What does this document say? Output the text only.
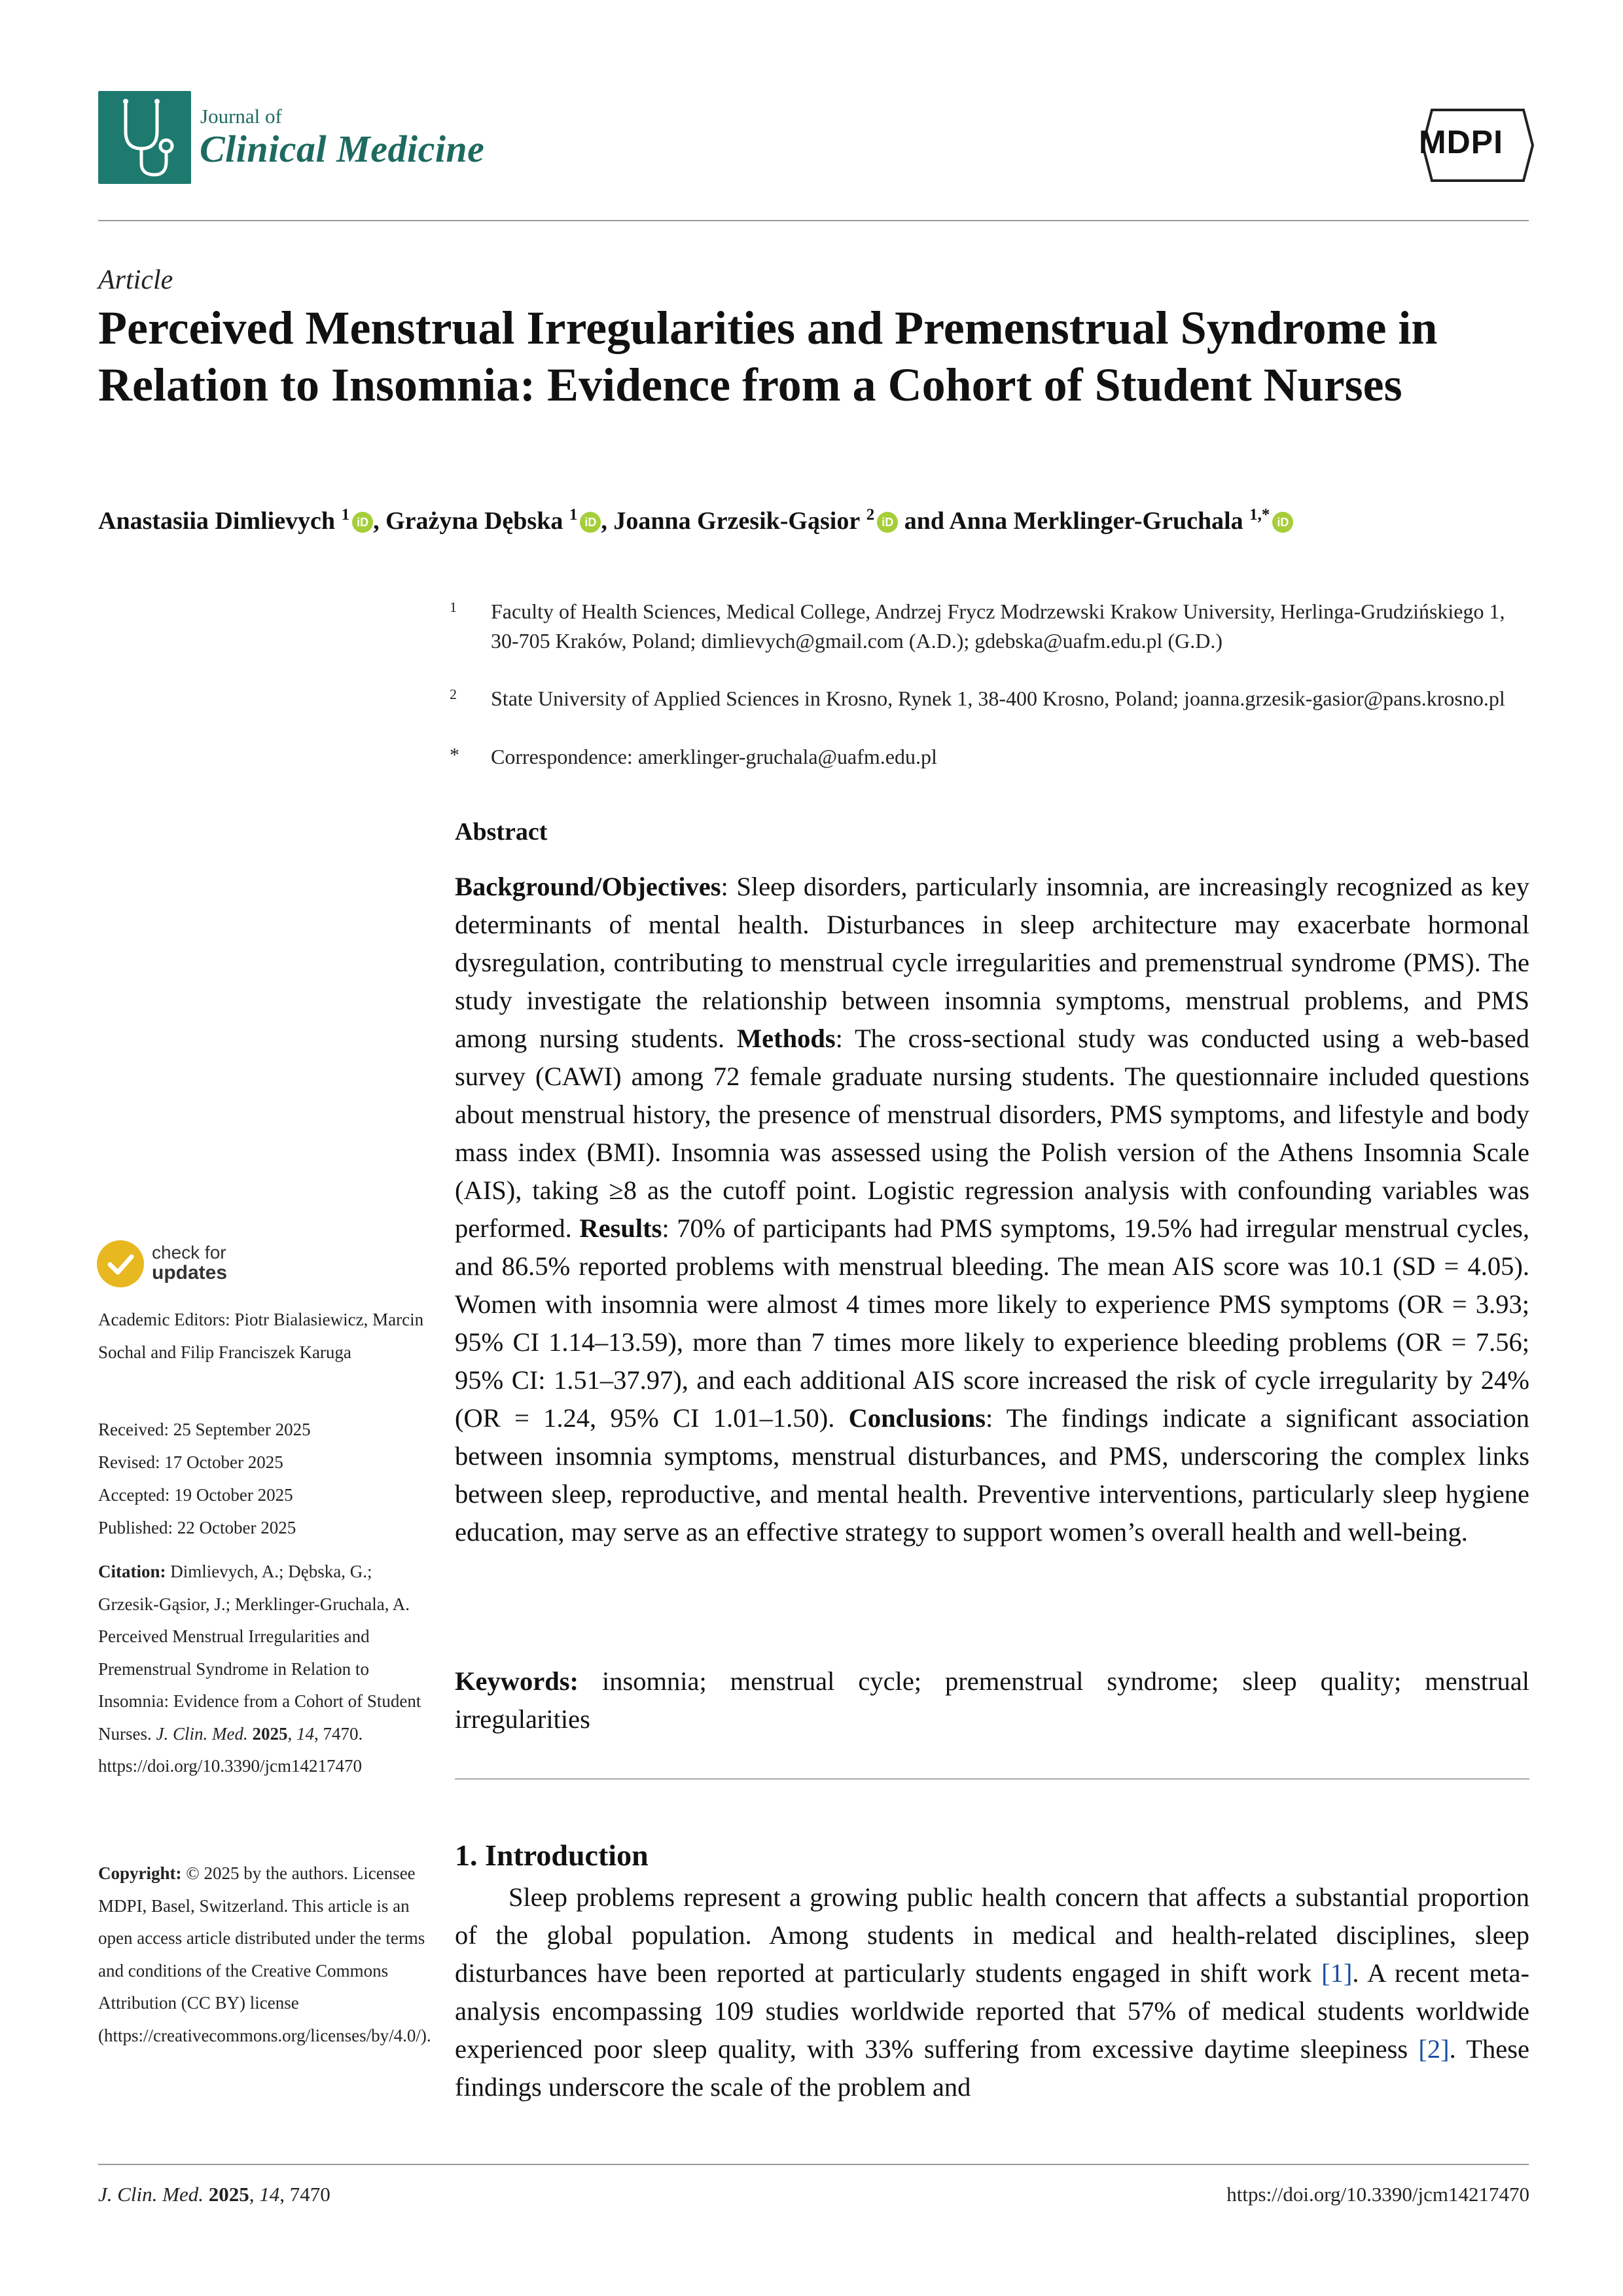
Journal of
Clinical Medicine	MDPI
Article
Perceived Menstrual Irregularities and Premenstrual Syndrome in Relation to Insomnia: Evidence from a Cohort of Student Nurses
Anastasiia Dimlievych $^1$ iD , Grażyna Dębska $^1$ iD , Joanna Grzesik-Gąsior $^2$ iD and Anna Merklinger-Gruchala $^{1,*}$ iD
1 Faculty of Health Sciences, Medical College, Andrzej Frycz Modrzewski Krakow University, Herlinga-Grudzińskiego 1, 30-705 Kraków, Poland; dimlievych@gmail.com (A.D.); gdebska@uafm.edu.pl (G.D.)
2 State University of Applied Sciences in Krosno, Rynek 1, 38-400 Krosno, Poland; joanna.grzesik-gasior@pans.krosno.pl
* Correspondence: amerklinger-gruchala@uafm.edu.pl
Abstract
Background/Objectives: Sleep disorders, particularly insomnia, are increasingly recognized as key determinants of mental health. Disturbances in sleep architecture may exacerbate hormonal dysregulation, contributing to menstrual cycle irregularities and premenstrual syndrome (PMS). The study investigate the relationship between insomnia symptoms, menstrual problems, and PMS among nursing students. Methods: The cross-sectional study was conducted using a web-based survey (CAWI) among 72 female graduate nursing students. The questionnaire included questions about menstrual history, the presence of menstrual disorders, PMS symptoms, and lifestyle and body mass index (BMI). Insomnia was assessed using the Polish version of the Athens Insomnia Scale (AIS), taking ≥8 as the cutoff point. Logistic regression analysis with confounding variables was performed. Results: 70% of participants had PMS symptoms, 19.5% had irregular menstrual cycles, and 86.5% reported problems with menstrual bleeding. The mean AIS score was 10.1 (SD = 4.05). Women with insomnia were almost 4 times more likely to experience PMS symptoms (OR = 3.93; 95% CI 1.14–13.59), more than 7 times more likely to experience bleeding problems (OR = 7.56; 95% CI: 1.51–37.97), and each additional AIS score increased the risk of cycle irregularity by 24% (OR = 1.24, 95% CI 1.01–1.50). Conclusions: The findings indicate a significant association between insomnia symptoms, menstrual disturbances, and PMS, underscoring the complex links between sleep, reproductive, and mental health. Preventive interventions, particularly sleep hygiene education, may serve as an effective strategy to support women’s overall health and well-being.
Keywords: insomnia; menstrual cycle; premenstrual syndrome; sleep quality; menstrual irregularities
1. Introduction
Sleep problems represent a growing public health concern that affects a substantial proportion of the global population. Among students in medical and health-related disciplines, sleep disturbances have been reported at particularly students engaged in shift work [1]. A recent meta-analysis encompassing 109 studies worldwide reported that 57% of medical students worldwide experienced poor sleep quality, with 33% suffering from excessive daytime sleepiness [2]. These findings underscore the scale of the problem and
check for
updates
Academic Editors: Piotr Bialasiewicz, Marcin Sochal and Filip Franciszek Karuga
Received: 25 September 2025
Revised: 17 October 2025
Accepted: 19 October 2025
Published: 22 October 2025
Citation: Dimlievych, A.; Dębska, G.; Grzesik-Gąsior, J.; Merklinger-Gruchala, A. Perceived Menstrual Irregularities and Premenstrual Syndrome in Relation to Insomnia: Evidence from a Cohort of Student Nurses. J. Clin. Med. 2025, 14, 7470. https://doi.org/10.3390/jcm14217470
Copyright: © 2025 by the authors. Licensee MDPI, Basel, Switzerland. This article is an open access article distributed under the terms and conditions of the Creative Commons Attribution (CC BY) license (https://creativecommons.org/licenses/by/4.0/).
J. Clin. Med. 2025, 14, 7470	https://doi.org/10.3390/jcm14217470
